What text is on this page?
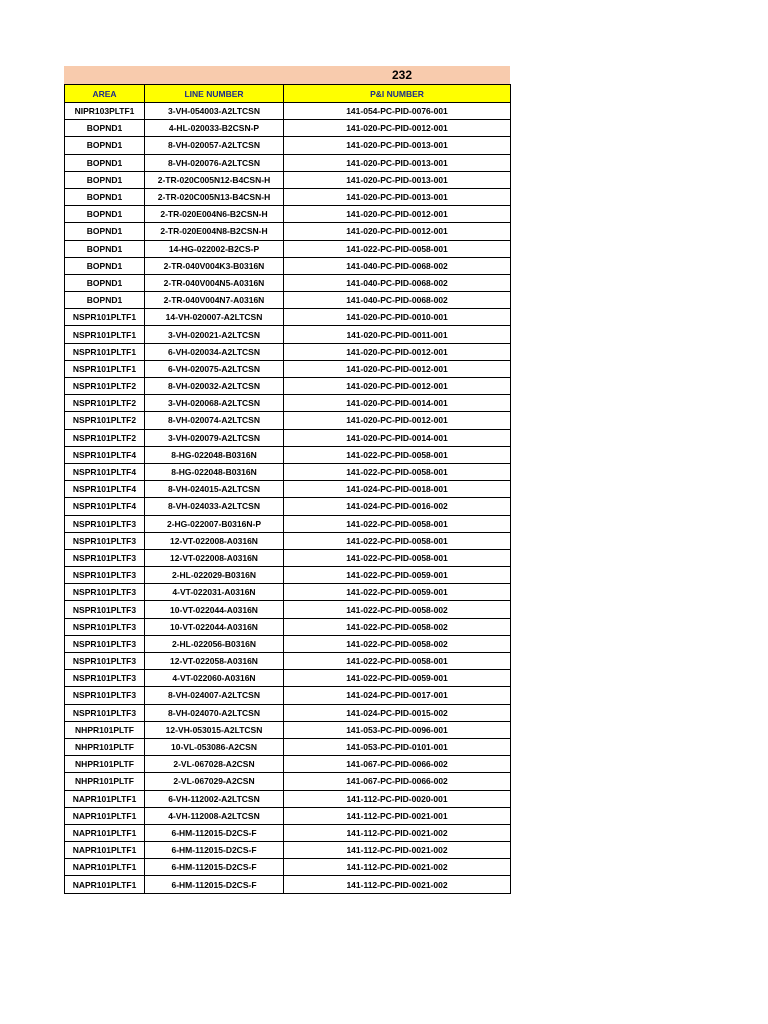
232
AREA	LINE NUMBER	P&I NUMBER
NIPR103PLTF1	3-VH-054003-A2LTCSN	141-054-PC-PID-0076-001
BOPND1	4-HL-020033-B2CSN-P	141-020-PC-PID-0012-001
BOPND1	8-VH-020057-A2LTCSN	141-020-PC-PID-0013-001
BOPND1	8-VH-020076-A2LTCSN	141-020-PC-PID-0013-001
BOPND1	2-TR-020C005N12-B4CSN-H	141-020-PC-PID-0013-001
BOPND1	2-TR-020C005N13-B4CSN-H	141-020-PC-PID-0013-001
BOPND1	2-TR-020E004N6-B2CSN-H	141-020-PC-PID-0012-001
BOPND1	2-TR-020E004N8-B2CSN-H	141-020-PC-PID-0012-001
BOPND1	14-HG-022002-B2CS-P	141-022-PC-PID-0058-001
BOPND1	2-TR-040V004K3-B0316N	141-040-PC-PID-0068-002
BOPND1	2-TR-040V004N5-A0316N	141-040-PC-PID-0068-002
BOPND1	2-TR-040V004N7-A0316N	141-040-PC-PID-0068-002
NSPR101PLTF1	14-VH-020007-A2LTCSN	141-020-PC-PID-0010-001
NSPR101PLTF1	3-VH-020021-A2LTCSN	141-020-PC-PID-0011-001
NSPR101PLTF1	6-VH-020034-A2LTCSN	141-020-PC-PID-0012-001
NSPR101PLTF1	6-VH-020075-A2LTCSN	141-020-PC-PID-0012-001
NSPR101PLTF2	8-VH-020032-A2LTCSN	141-020-PC-PID-0012-001
NSPR101PLTF2	3-VH-020068-A2LTCSN	141-020-PC-PID-0014-001
NSPR101PLTF2	8-VH-020074-A2LTCSN	141-020-PC-PID-0012-001
NSPR101PLTF2	3-VH-020079-A2LTCSN	141-020-PC-PID-0014-001
NSPR101PLTF4	8-HG-022048-B0316N	141-022-PC-PID-0058-001
NSPR101PLTF4	8-HG-022048-B0316N	141-022-PC-PID-0058-001
NSPR101PLTF4	8-VH-024015-A2LTCSN	141-024-PC-PID-0018-001
NSPR101PLTF4	8-VH-024033-A2LTCSN	141-024-PC-PID-0016-002
NSPR101PLTF3	2-HG-022007-B0316N-P	141-022-PC-PID-0058-001
NSPR101PLTF3	12-VT-022008-A0316N	141-022-PC-PID-0058-001
NSPR101PLTF3	12-VT-022008-A0316N	141-022-PC-PID-0058-001
NSPR101PLTF3	2-HL-022029-B0316N	141-022-PC-PID-0059-001
NSPR101PLTF3	4-VT-022031-A0316N	141-022-PC-PID-0059-001
NSPR101PLTF3	10-VT-022044-A0316N	141-022-PC-PID-0058-002
NSPR101PLTF3	10-VT-022044-A0316N	141-022-PC-PID-0058-002
NSPR101PLTF3	2-HL-022056-B0316N	141-022-PC-PID-0058-002
NSPR101PLTF3	12-VT-022058-A0316N	141-022-PC-PID-0058-001
NSPR101PLTF3	4-VT-022060-A0316N	141-022-PC-PID-0059-001
NSPR101PLTF3	8-VH-024007-A2LTCSN	141-024-PC-PID-0017-001
NSPR101PLTF3	8-VH-024070-A2LTCSN	141-024-PC-PID-0015-002
NHPR101PLTF	12-VH-053015-A2LTCSN	141-053-PC-PID-0096-001
NHPR101PLTF	10-VL-053086-A2CSN	141-053-PC-PID-0101-001
NHPR101PLTF	2-VL-067028-A2CSN	141-067-PC-PID-0066-002
NHPR101PLTF	2-VL-067029-A2CSN	141-067-PC-PID-0066-002
NAPR101PLTF1	6-VH-112002-A2LTCSN	141-112-PC-PID-0020-001
NAPR101PLTF1	4-VH-112008-A2LTCSN	141-112-PC-PID-0021-001
NAPR101PLTF1	6-HM-112015-D2CS-F	141-112-PC-PID-0021-002
NAPR101PLTF1	6-HM-112015-D2CS-F	141-112-PC-PID-0021-002
NAPR101PLTF1	6-HM-112015-D2CS-F	141-112-PC-PID-0021-002
NAPR101PLTF1	6-HM-112015-D2CS-F	141-112-PC-PID-0021-002
